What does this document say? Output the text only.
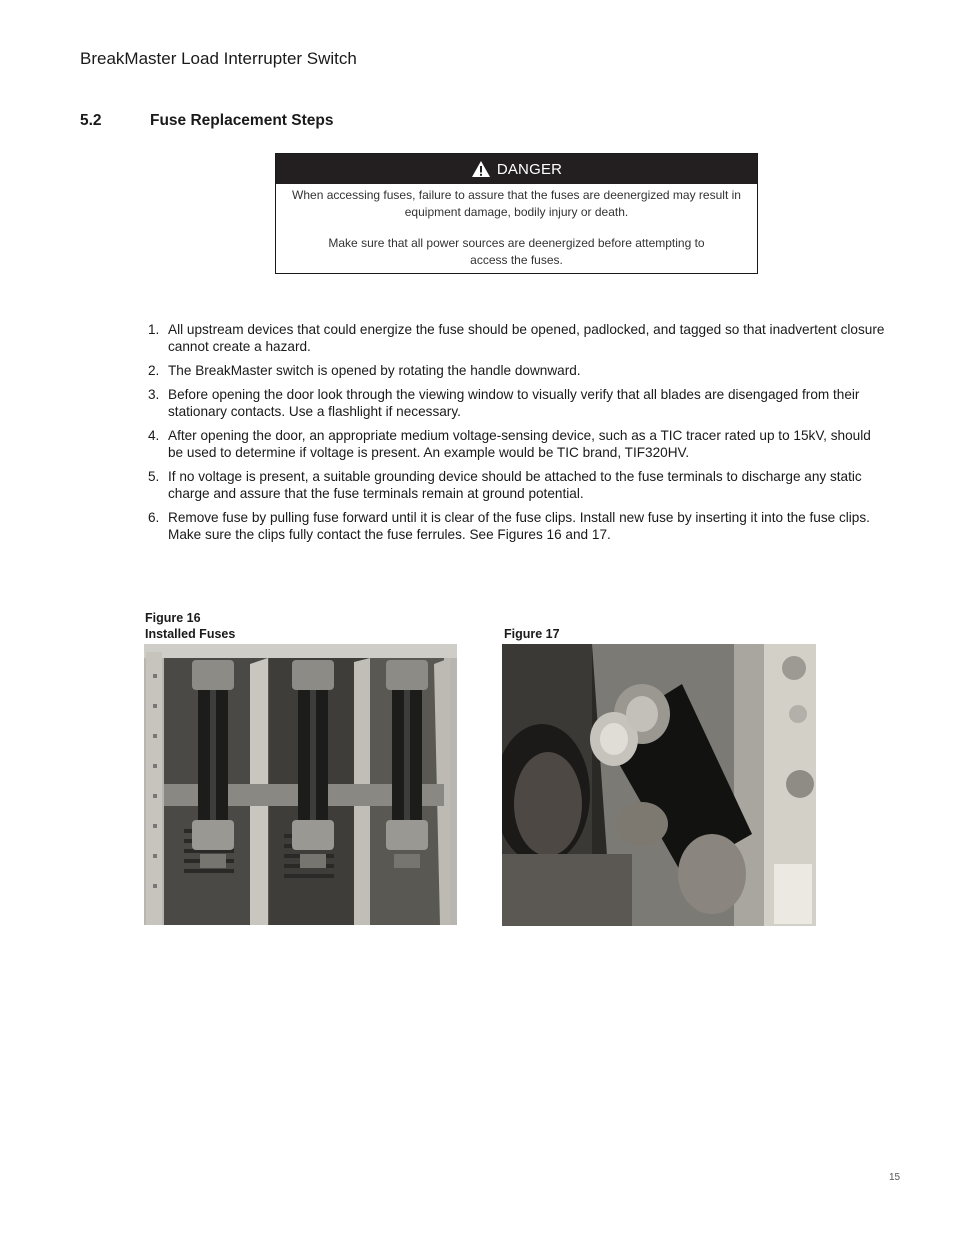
BreakMaster Load Interrupter Switch
5.2	Fuse Replacement Steps
DANGER

When accessing fuses, failure to assure that the fuses are deenergized may result in equipment damage, bodily injury or death.

Make sure that all power sources are deenergized before attempting to access the fuses.

1. All upstream devices that could energize the fuse should be opened, padlocked, and tagged so that inadvertent closure cannot create a hazard.
2. The BreakMaster switch is opened by rotating the handle downward.
3. Before opening the door look through the viewing window to visually verify that all blades are disengaged from their stationary contacts. Use a flashlight if necessary.
4. After opening the door, an appropriate medium voltage-sensing device, such as a TIC tracer rated up to 15kV, should be used to determine if voltage is present. An example would be TIC brand, TIF320HV.
5. If no voltage is present, a suitable grounding device should be attached to the fuse terminals to discharge any static charge and assure that the fuse terminals remain at ground potential.
6. Remove fuse by pulling fuse forward until it is clear of the fuse clips. Install new fuse by inserting it into the fuse clips. Make sure the clips fully contact the fuse ferrules. See Figures 16 and 17.
Figure 16
Installed Fuses	Figure 17
15
